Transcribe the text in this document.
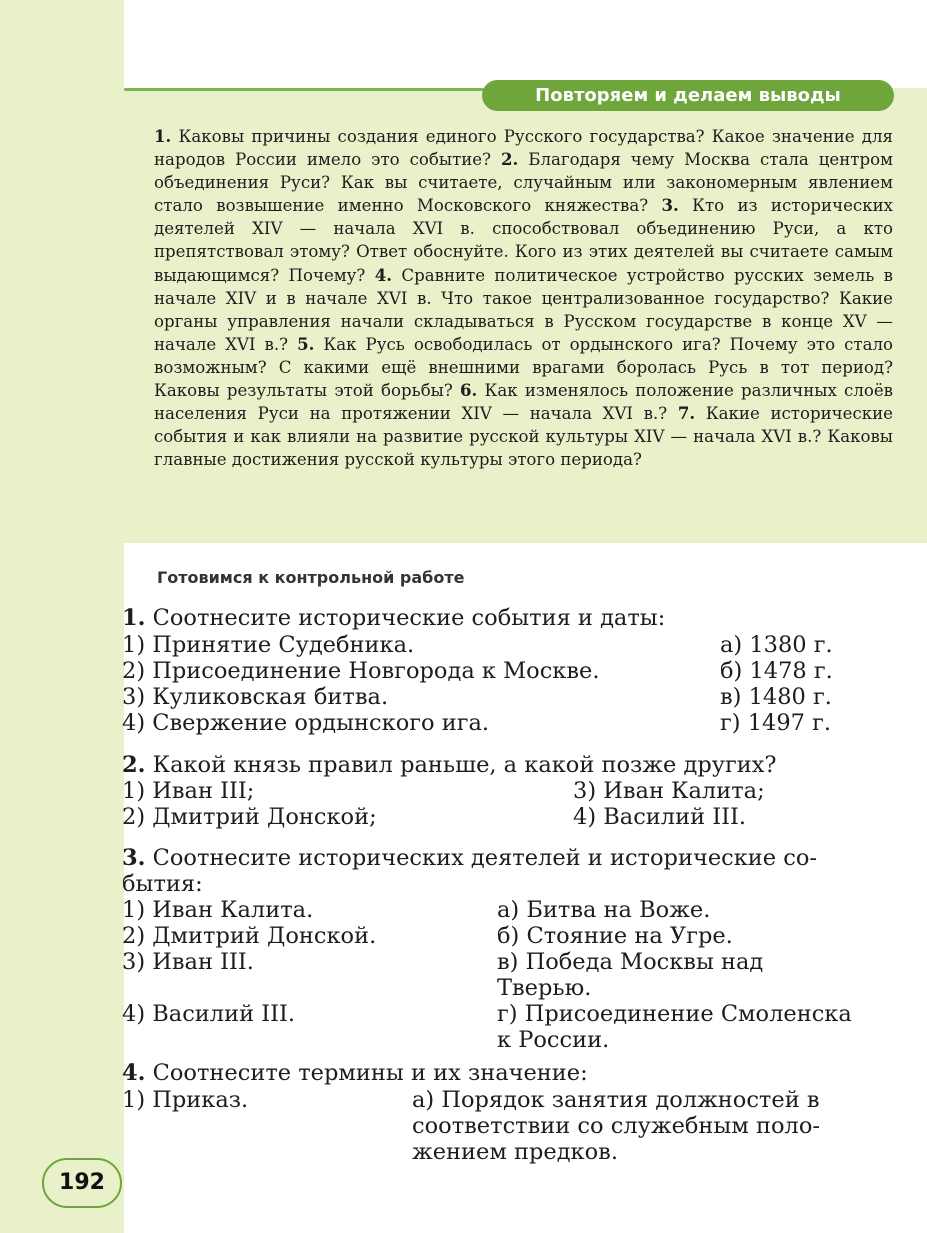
Повторяем и делаем выводы
1. Каковы причины создания единого Русского государства? Какое значение для народов России имело это событие? 2. Благодаря чему Москва стала центром объединения Руси? Как вы считаете, случайным или закономерным явлением стало возвышение именно Московского княжества? 3. Кто из исторических деятелей XIV — начала XVI в. способствовал объединению Руси, а кто препятствовал этому? Ответ обоснуйте. Кого из этих деятелей вы считаете самым выдающимся? Почему? 4. Сравните политическое устройство русских земель в начале XIV и в начале XVI в. Что такое централизованное государство? Какие органы управления начали складываться в Русском государстве в конце XV — начале XVI в.? 5. Как Русь освободилась от ордынского ига? Почему это стало возможным? С какими ещё внешними врагами боролась Русь в тот период? Каковы результаты этой борьбы? 6. Как изменялось положение различных слоёв населения Руси на протяжении XIV — начала XVI в.? 7. Какие исторические события и как влияли на развитие русской культуры XIV — начала XVI в.? Каковы главные достижения русской культуры этого периода?
Готовимся к контрольной работе
1. Соотнесите исторические события и даты:
1) Принятие Судебника.
2) Присоединение Новгорода к Москве.
3) Куликовская битва.
4) Свержение ордынского ига.
а) 1380 г.
б) 1478 г.
в) 1480 г.
г) 1497 г.
2. Какой князь правил раньше, а какой позже других?
1) Иван III;
2) Дмитрий Донской;
3) Иван Калита;
4) Василий III.
3. Соотнесите исторических деятелей и исторические со-
бытия:
1) Иван Калита.
2) Дмитрий Донской.
3) Иван III.
4) Василий III.
а) Битва на Воже.
б) Стояние на Угре.
в) Победа Москвы над
Тверью.
г) Присоединение Смоленска
к России.
4. Соотнесите термины и их значение:
1) Приказ.	а) Порядок занятия должностей в
соответствии со служебным поло-
жением предков.
192
